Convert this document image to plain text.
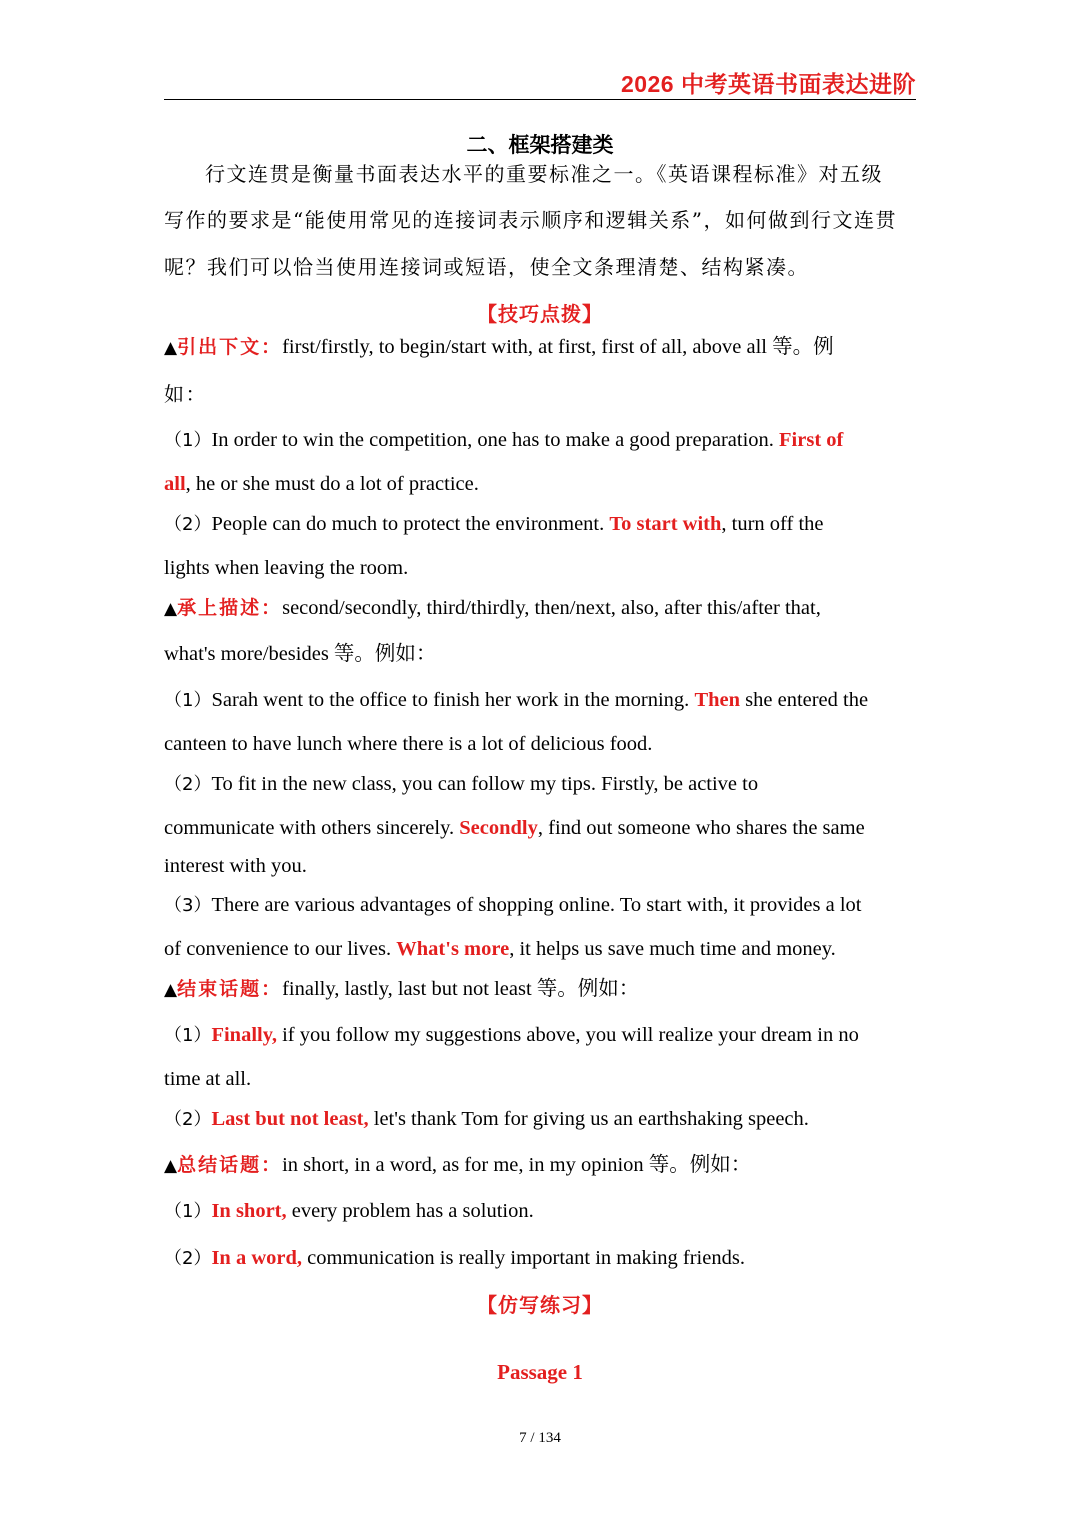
2026 中考英语书面表达进阶
二、框架搭建类
行文连贯是衡量书面表达水平的重要标准之一。《英语课程标准》对五级
写作的要求是“能使用常见的连接词表示顺序和逻辑关系”，如何做到行文连贯
呢？我们可以恰当使用连接词或短语，使全文条理清楚、结构紧凑。
【技巧点拨】
▲引出下文：first/firstly, to begin/start with, at first, first of all, above all 等。例
如：
（1）In order to win the competition, one has to make a good preparation. First of
all, he or she must do a lot of practice.
（2）People can do much to protect the environment. To start with, turn off the
lights when leaving the room.
▲承上描述：second/secondly, third/thirdly, then/next, also, after this/after that,
what's more/besides 等。例如：
（1）Sarah went to the office to finish her work in the morning. Then she entered the
canteen to have lunch where there is a lot of delicious food.
（2）To fit in the new class, you can follow my tips. Firstly, be active to
communicate with others sincerely. Secondly, find out someone who shares the same
interest with you.
（3）There are various advantages of shopping online. To start with, it provides a lot
of convenience to our lives. What's more, it helps us save much time and money.
▲结束话题：finally, lastly, last but not least 等。例如：
（1）Finally, if you follow my suggestions above, you will realize your dream in no
time at all.
（2）Last but not least, let's thank Tom for giving us an earthshaking speech.
▲总结话题：in short, in a word, as for me, in my opinion 等。例如：
（1）In short, every problem has a solution.
（2）In a word, communication is really important in making friends.
【仿写练习】
Passage 1
7 / 134
